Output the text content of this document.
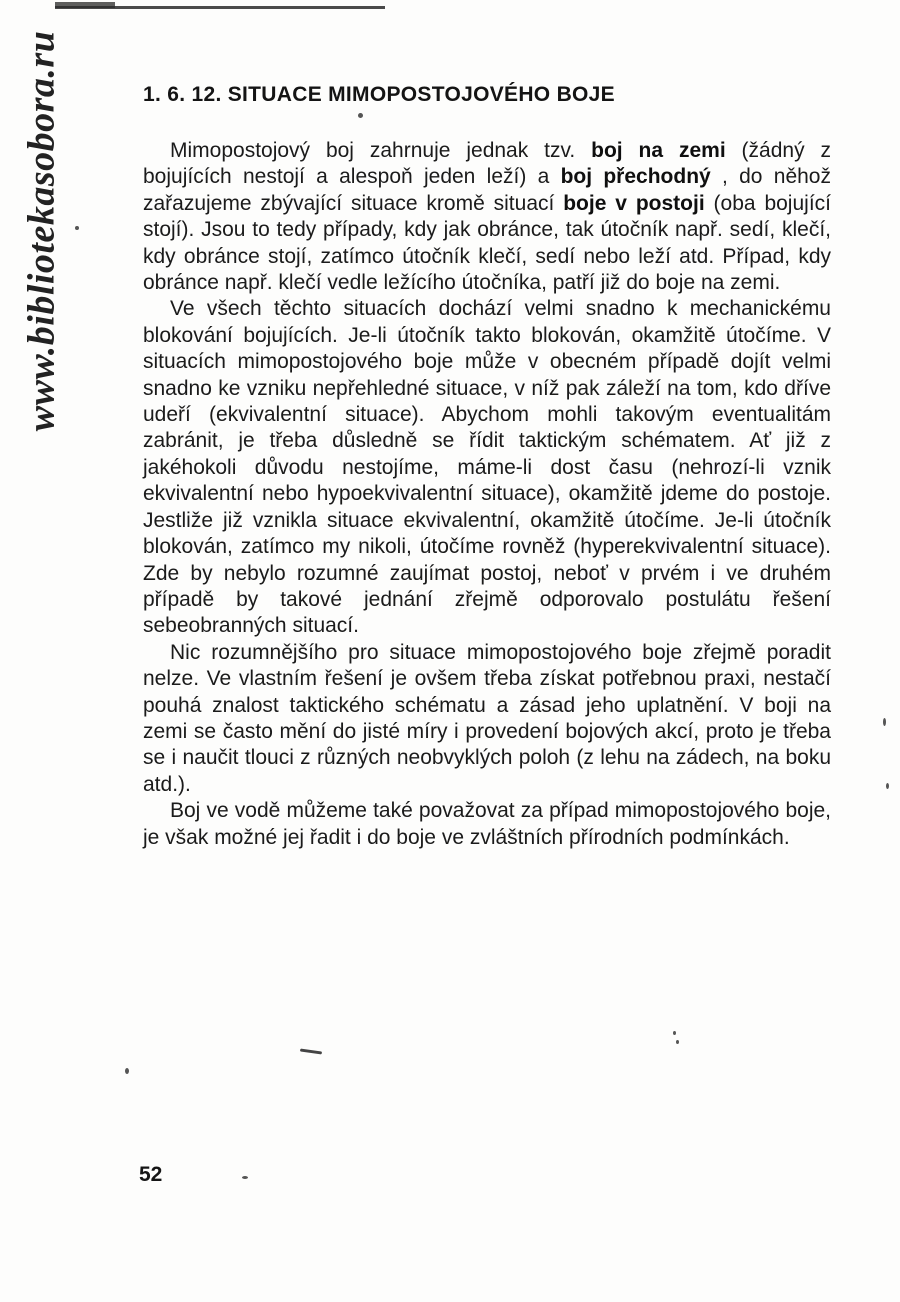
www.bibliotekasobora.ru	1. 6. 12. SITUACE MIMOPOSTOJOVÉHO BOJE

Mimopostojový boj zahrnuje jednak tzv. boj na zemi (žádný z bojujících nestojí a alespoň jeden leží) a boj přechodný , do něhož zařazujeme zbývající situace kromě situací boje v postoji (oba bojující stojí). Jsou to tedy případy, kdy jak obránce, tak útočník např. sedí, klečí, kdy obránce stojí, zatímco útočník klečí, sedí nebo leží atd. Případ, kdy obránce např. klečí vedle ležícího útočníka, patří již do boje na zemi.

Ve všech těchto situacích dochází velmi snadno k mechanickému blokování bojujících. Je-li útočník takto blokován, okamžitě útočíme. V situacích mimopostojového boje může v obecném případě dojít velmi snadno ke vzniku nepřehledné situace, v níž pak záleží na tom, kdo dříve udeří (ekvivalentní situace). Abychom mohli takovým eventualitám zabránit, je třeba důsledně se řídit taktickým schématem. Ať již z jakéhokoli důvodu nestojíme, máme-li dost času (nehrozí-li vznik ekvivalentní nebo hypoekvivalentní situace), okamžitě jdeme do postoje. Jestliže již vznikla situace ekvivalentní, okamžitě útočíme. Je-li útočník blokován, zatímco my nikoli, útočíme rovněž (hyperekvivalentní situace). Zde by nebylo rozumné zaujímat postoj, neboť v prvém i ve druhém případě by takové jednání zřejmě odporovalo postulátu řešení sebeobranných situací.

Nic rozumnějšího pro situace mimopostojového boje zřejmě poradit nelze. Ve vlastním řešení je ovšem třeba získat potřebnou praxi, nestačí pouhá znalost taktického schématu a zásad jeho uplatnění. V boji na zemi se často mění do jisté míry i provedení bojových akcí, proto je třeba se i naučit tlouci z různých neobvyklých poloh (z lehu na zádech, na boku atd.).

Boj ve vodě můžeme také považovat za případ mimopostojového boje, je však možné jej řadit i do boje ve zvláštních přírodních podmínkách.

52
